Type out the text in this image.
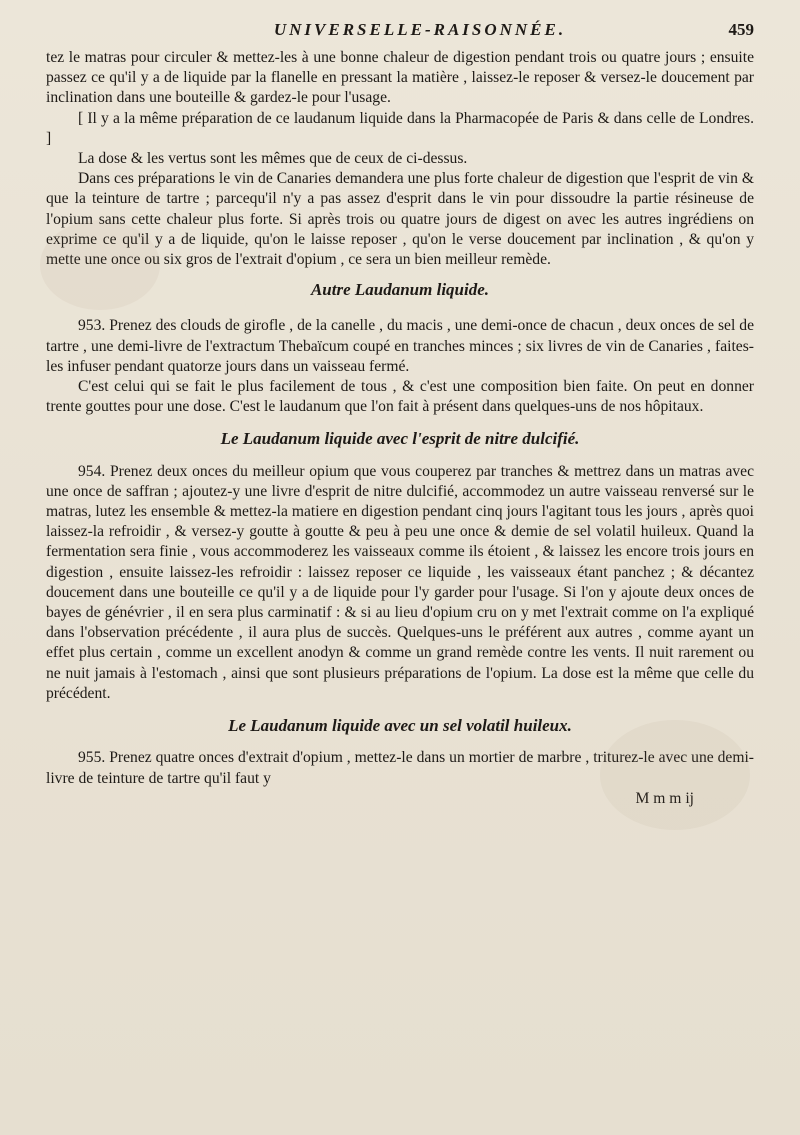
UNIVERSELLE-RAISONNÉE.	459

tez le matras pour circuler & mettez-les à une bonne chaleur de digestion pendant trois ou quatre jours ; ensuite passez ce qu'il y a de liquide par la flanelle en pressant la matière , laissez-le reposer & versez-le doucement par inclination dans une bouteille & gardez-le pour l'usage.

[ Il y a la même préparation de ce laudanum liquide dans la Pharmacopée de Paris & dans celle de Londres. ]

La dose & les vertus sont les mêmes que de ceux de ci-dessus.

Dans ces préparations le vin de Canaries demandera une plus forte chaleur de digestion que l'esprit de vin & que la teinture de tartre ; parcequ'il n'y a pas assez d'esprit dans le vin pour dissoudre la partie résineuse de l'opium sans cette chaleur plus forte. Si après trois ou quatre jours de digest on avec les autres ingrédiens on exprime ce qu'il y a de liquide, qu'on le laisse reposer , qu'on le verse doucement par inclination , & qu'on y mette une once ou six gros de l'extrait d'opium , ce sera un bien meilleur remède.

Autre Laudanum liquide.

953. Prenez des clouds de girofle , de la canelle , du macis , une demi-once de chacun , deux onces de sel de tartre , une demi-livre de l'extractum Thebaïcum coupé en tranches minces ; six livres de vin de Canaries , faites-les infuser pendant quatorze jours dans un vaisseau fermé.

C'est celui qui se fait le plus facilement de tous , & c'est une composition bien faite. On peut en donner trente gouttes pour une dose. C'est le laudanum que l'on fait à présent dans quelques-uns de nos hôpitaux.

Le Laudanum liquide avec l'esprit de nitre dulcifié.

954. Prenez deux onces du meilleur opium que vous couperez par tranches & mettrez dans un matras avec une once de saffran ; ajoutez-y une livre d'esprit de nitre dulcifié, accommodez un autre vaisseau renversé sur le matras, lutez les ensemble & mettez-la matiere en digestion pendant cinq jours l'agitant tous les jours , après quoi laissez-la refroidir , & versez-y goutte à goutte & peu à peu une once & demie de sel volatil huileux. Quand la fermentation sera finie , vous accommoderez les vaisseaux comme ils étoient , & laissez les encore trois jours en digestion , ensuite laissez-les refroidir : laissez reposer ce liquide , les vaisseaux étant panchez ; & décantez doucement dans une bouteille ce qu'il y a de liquide pour l'y garder pour l'usage. Si l'on y ajoute deux onces de bayes de génévrier , il en sera plus carminatif : & si au lieu d'opium cru on y met l'extrait comme on l'a expliqué dans l'observation précédente , il aura plus de succès. Quelques-uns le préférent aux autres , comme ayant un effet plus certain , comme un excellent anodyn & comme un grand remède contre les vents. Il nuit rarement ou ne nuit jamais à l'estomach , ainsi que sont plusieurs préparations de l'opium. La dose est la même que celle du précédent.

Le Laudanum liquide avec un sel volatil huileux.

955. Prenez quatre onces d'extrait d'opium , mettez-le dans un mortier de marbre , triturez-le avec une demi-livre de teinture de tartre qu'il faut y

M m m ij
